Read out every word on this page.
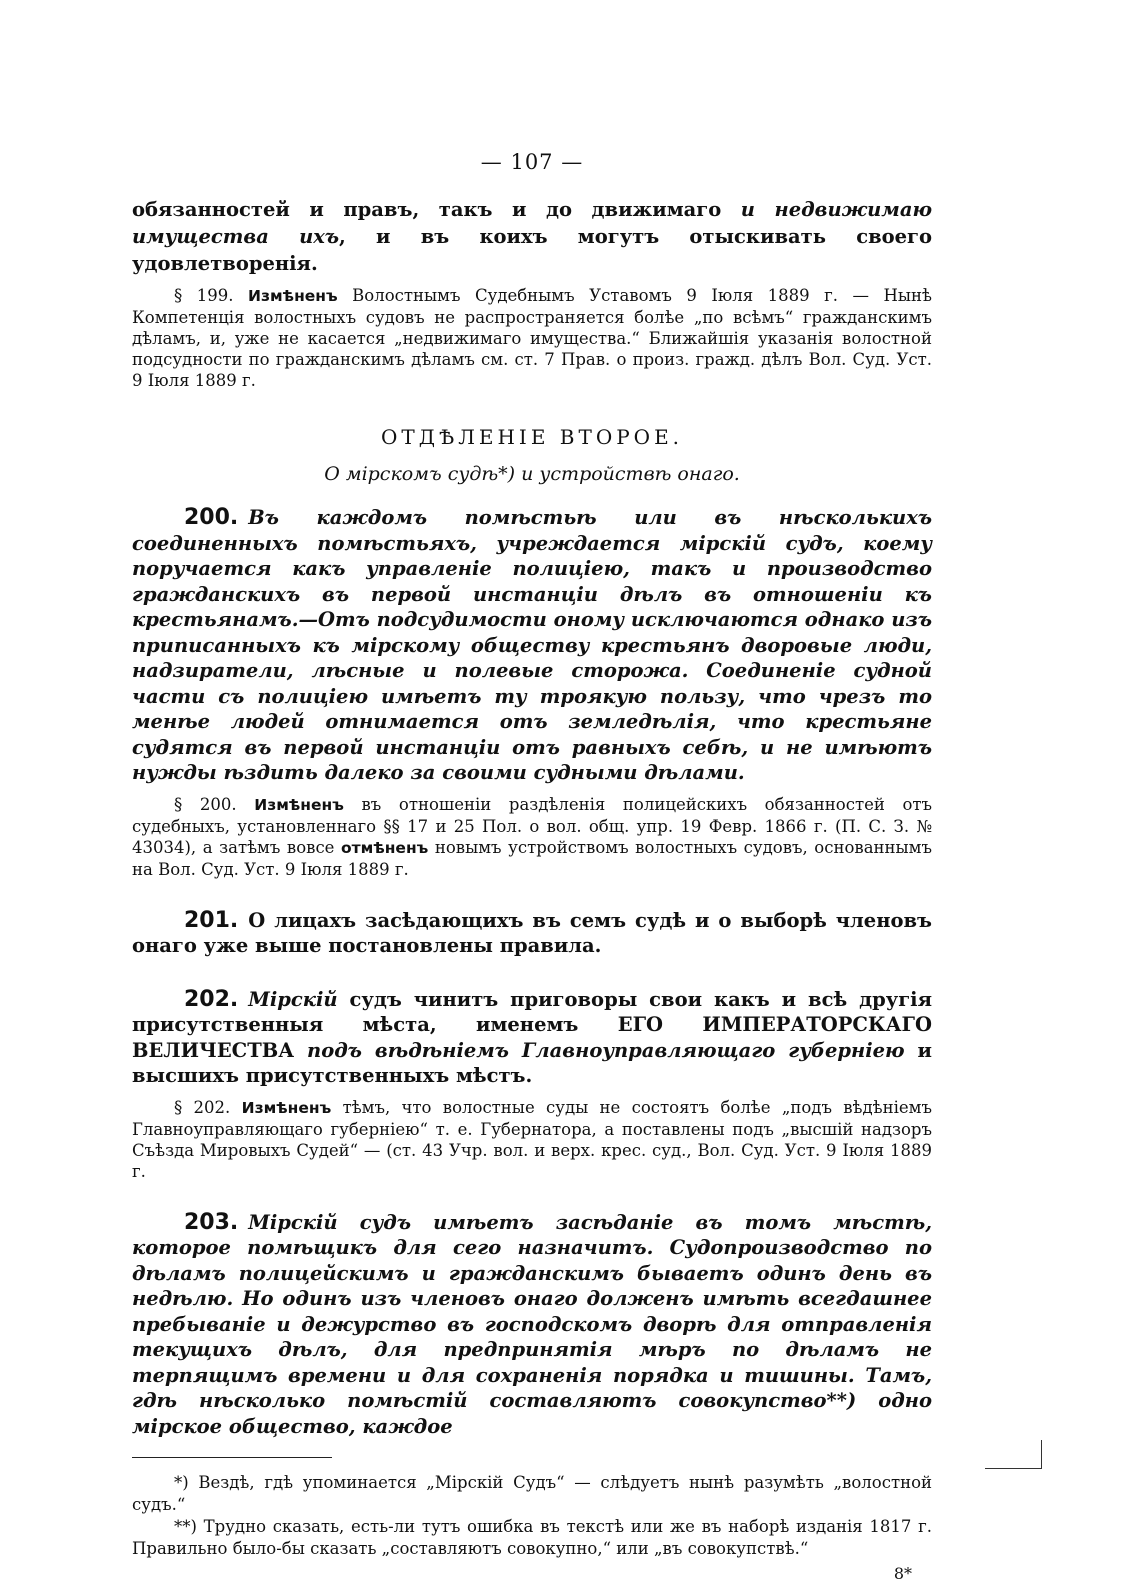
— 107 —
обязанностей и правъ, такъ и до движимаго и недвижимаю имущества ихъ, и въ коихъ могутъ отыскивать своего удовлетворенія.
§ 199. Измѣненъ Волостнымъ Судебнымъ Уставомъ 9 Іюля 1889 г. — Нынѣ Компетенція волостныхъ судовъ не распространяется болѣе „по всѣмъ“ гражданскимъ дѣламъ, и, уже не касается „недвижимаго имущества.“ Ближайшія указанія волостной подсудности по гражданскимъ дѣламъ см. ст. 7 Прав. о произ. гражд. дѣлъ Вол. Суд. Уст. 9 Іюля 1889 г.
ОТДѢЛЕНІЕ ВТОРОЕ.
О мірскомъ судѣ*) и устройствѣ онаго.
200. Въ каждомъ помѣстьѣ или въ нѣсколькихъ соединенныхъ помѣстьяхъ, учреждается мірскій судъ, коему поручается какъ управленіе полиціею, такъ и производство гражданскихъ въ первой инстанціи дѣлъ въ отношеніи къ крестьянамъ.—Отъ подсудимости оному исключаются однако изъ приписанныхъ къ мірскому обществу крестьянъ дворовые люди, надзиратели, лѣсные и полевые сторожа. Соединеніе судной части съ полиціею имѣетъ ту троякую пользу, что чрезъ то менѣе людей отнимается отъ земледѣлія, что крестьяне судятся въ первой инстанціи отъ равныхъ себѣ, и не имѣютъ нужды ѣздить далеко за своими судными дѣлами.
§ 200. Измѣненъ въ отношеніи раздѣленія полицейскихъ обязанностей отъ судебныхъ, установленнаго §§ 17 и 25 Пол. о вол. общ. упр. 19 Февр. 1866 г. (П. С. З. № 43034), а затѣмъ вовсе отмѣненъ новымъ устройствомъ волостныхъ судовъ, основаннымъ на Вол. Суд. Уст. 9 Іюля 1889 г.
201. О лицахъ засѣдающихъ въ семъ судѣ и о выборѣ членовъ онаго уже выше постановлены правила.
202. Мірскій судъ чинитъ приговоры свои какъ и всѣ другія присутственныя мѣста, именемъ ЕГО ИМПЕРАТОРСКАГО ВЕЛИЧЕСТВА подъ вѣдѣніемъ Главноуправляющаго губерніею и высшихъ присутственныхъ мѣстъ.
§ 202. Измѣненъ тѣмъ, что волостные суды не состоятъ болѣе „подъ вѣдѣніемъ Главноуправляющаго губерніею“ т. е. Губернатора, а поставлены подъ „высшій надзоръ Съѣзда Мировыхъ Судей“ — (ст. 43 Учр. вол. и верх. крес. суд., Вол. Суд. Уст. 9 Іюля 1889 г.
203. Мірскій судъ имѣетъ засѣданіе въ томъ мѣстѣ, которое помѣщикъ для сего назначитъ. Судопроизводство по дѣламъ полицейскимъ и гражданскимъ бываетъ одинъ день въ недѣлю. Но одинъ изъ членовъ онаго долженъ имѣть всегдашнее пребываніе и дежурство въ господскомъ дворѣ для отправленія текущихъ дѣлъ, для предпринятія мѣръ по дѣламъ не терпящимъ времени и для сохраненія порядка и тишины. Тамъ, гдѣ нѣсколько помѣстій составляютъ совокупство**) одно мірское общество, каждое
*) Вездѣ, гдѣ упоминается „Мірскій Судъ“ — слѣдуетъ нынѣ разумѣть „волостной судъ.“
**) Трудно сказать, есть-ли тутъ ошибка въ текстѣ или же въ наборѣ изданія 1817 г. Правильно было-бы сказать „составляютъ совокупно,“ или „въ совокупствѣ.“
8*
